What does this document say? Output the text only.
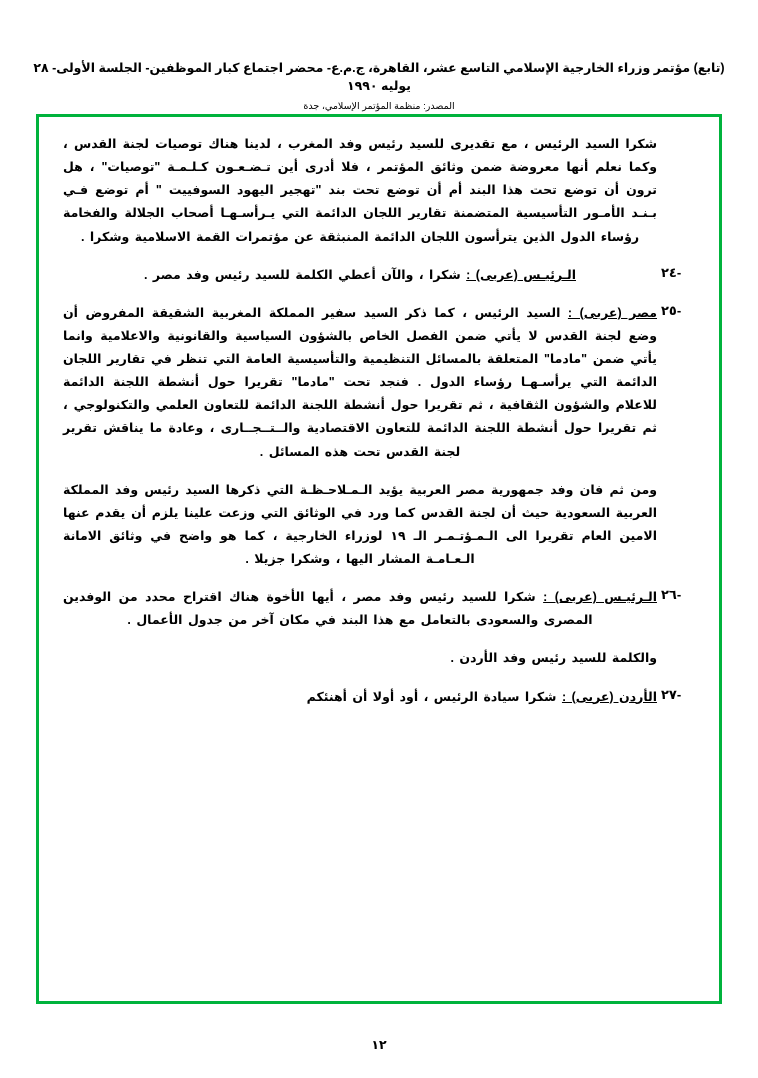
(تابع) مؤتمر وزراء الخارجية الإسلامي التاسع عشر، القاهرة، ج.م.ع- محضر اجتماع كبار الموظفين- الجلسة الأولى- ٢٨ يوليه ١٩٩٠
المصدر: منظمة المؤتمر الإسلامي، جدة
شكرا السيد الرئيس ، مع تقديرى للسيد رئيس وفد المغرب ، لدينا هناك توصيات لجنة القدس ، وكما نعلم أنها معروضة ضمن وثائق المؤتمر ، فلا أدرى أين تـضـعـون كـلـمـة "توصيات" ، هل ترون أن توضع تحت هذا البند أم أن توضع تحت بند "تهجير اليهود السوفييت " أم توضع فـي بـنـد الأمـور التأسيسية المتضمنة تقارير اللجان الدائمة التي يـرأسـهـا أصحاب الجلالة والفخامة رؤساء الدول الذين يترأسون اللجان الدائمة المنبثقة عن مؤتمرات القمة الاسلامية وشكرا .
-٢٤
الـرئيـس (عربى) : شكرا ، والآن أعطي الكلمة للسيد رئيس وفد مصر .
-٢٥
مصر (عربى) : السيد الرئيس ، كما ذكر السيد سفير المملكة المغربية الشقيقة المفروض أن وضع لجنة القدس لا يأتي ضمن الفصل الخاص بالشؤون السياسية والقانونية والاعلامية وانما يأتي ضمن "مادما" المتعلقة بالمسائل التنظيمية والتأسيسية العامة التي تنظر في تقارير اللجان الدائمة التي يرأسـهـا رؤساء الدول . فنجد تحت "مادما" تقريرا حول أنشطة اللجنة الدائمة للاعلام والشؤون الثقافية ، ثم تقريرا حول أنشطة اللجنة الدائمة للتعاون العلمي والتكنولوجي ، ثم تقريرا حول أنشطة اللجنة الدائمة للتعاون الاقتصادية والــتــجــارى ، وعادة ما يناقش تقرير لجنة القدس تحت هذه المسائل .
ومن ثم فان وفد جمهورية مصر العربية يؤيد الـمـلاحـظـة التي ذكرها السيد رئيس وفد المملكة العربية السعودية حيث أن لجنة القدس كما ورد في الوثائق التي وزعت علينا يلزم أن يقدم عنها الامين العام تقريرا الى الـمـؤتـمـر الـ ١٩ لوزراء الخارجية ، كما هو واضح في وثائق الامانة الـعـامـة المشار اليها ، وشكرا جزيلا .
-٢٦
الـرئيـس (عربى) : شكرا للسيد رئيس وفد مصر ، أيها الأخوة هناك اقتراح محدد من الوفدين المصرى والسعودى بالتعامل مع هذا البند في مكان آخر من جدول الأعمال .
والكلمة للسيد رئيس وفد الأردن .
-٢٧
الأردن (عربى) : شكرا سيادة الرئيس ، أود أولا أن أهنئكم
١٢
